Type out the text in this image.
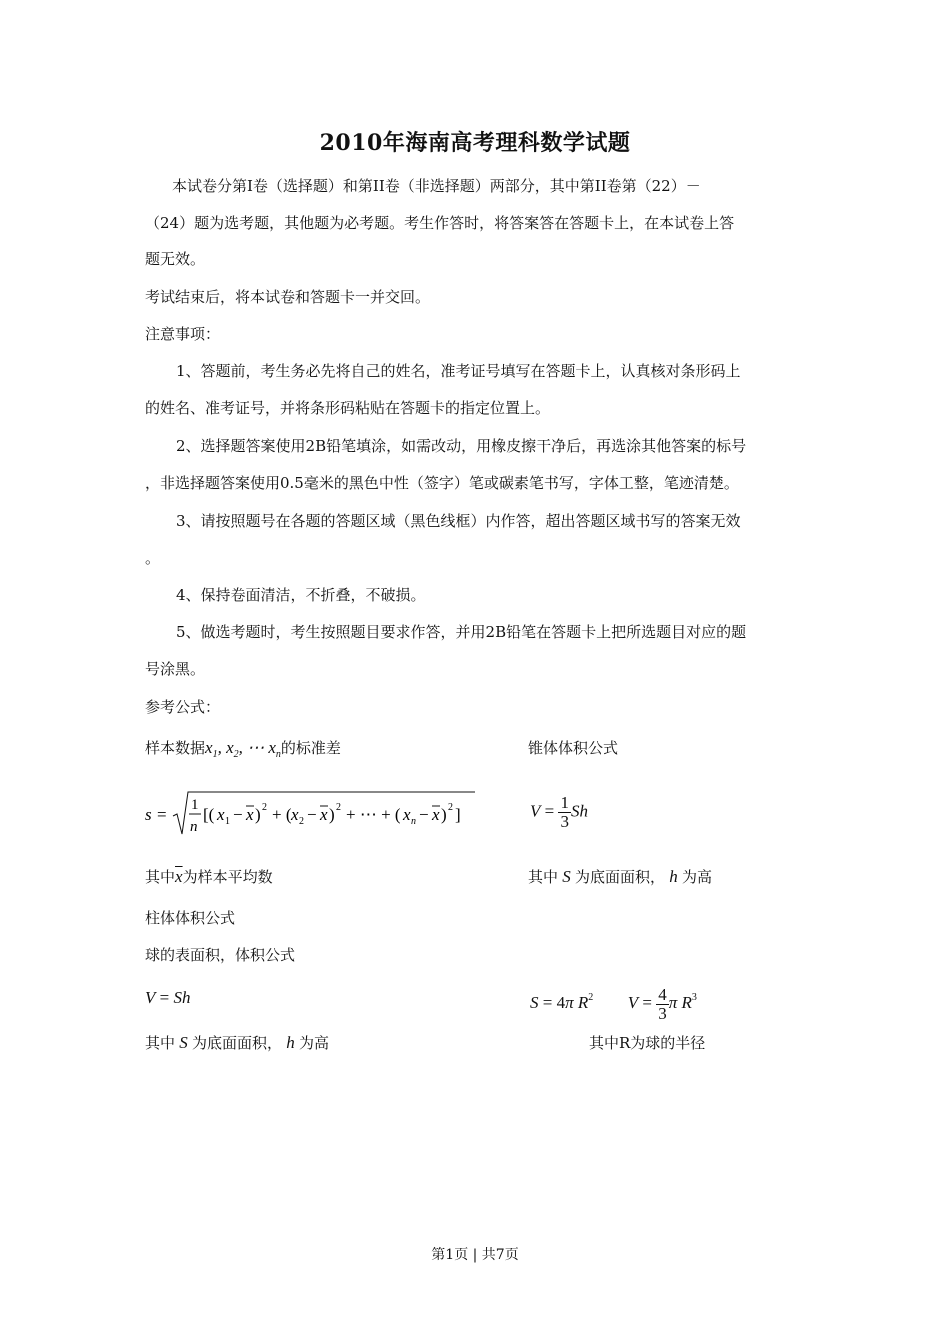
2010年海南高考理科数学试题
本试卷分第I卷（选择题）和第II卷（非选择题）两部分，其中第II卷第（22）－
（24）题为选考题，其他题为必考题。考生作答时，将答案答在答题卡上，在本试卷上答
题无效。
考试结束后，将本试卷和答题卡一并交回。
注意事项：
1、答题前，考生务必先将自己的姓名，准考证号填写在答题卡上，认真核对条形码上
的姓名、准考证号，并将条形码粘贴在答题卡的指定位置上。
2、选择题答案使用2B铅笔填涂，如需改动，用橡皮擦干净后，再选涂其他答案的标号
，非选择题答案使用0.5毫米的黑色中性（签字）笔或碳素笔书写，字体工整，笔迹清楚。
3、请按照题号在各题的答题区域（黑色线框）内作答，超出答题区域书写的答案无效
。
4、保持卷面清洁，不折叠，不破损。
5、做选考题时，考生按照题目要求作答，并用2B铅笔在答题卡上把所选题目对应的题
号涂黑。
参考公式：
样本数据$x_1$, $x_2$, ⋯ $x_n$的标准差	锥体体积公式
s = 1
n
[( x 1 − x ) 2 + ( x 2 − x ) 2 + ⋯ + ( x n − x ) 2 ]	$V = \frac{1}{3}$ Sh
其中$\overline{x}$为样本平均数	其中 S 为底面面积， h 为高
柱体体积公式
球的表面积，体积公式
V = Sh	S = 4π $R^2$ $V = \frac{4}{3}$ π $R^3$
其中 S 为底面面积， h 为高	其中R为球的半径
第1页 | 共7页
